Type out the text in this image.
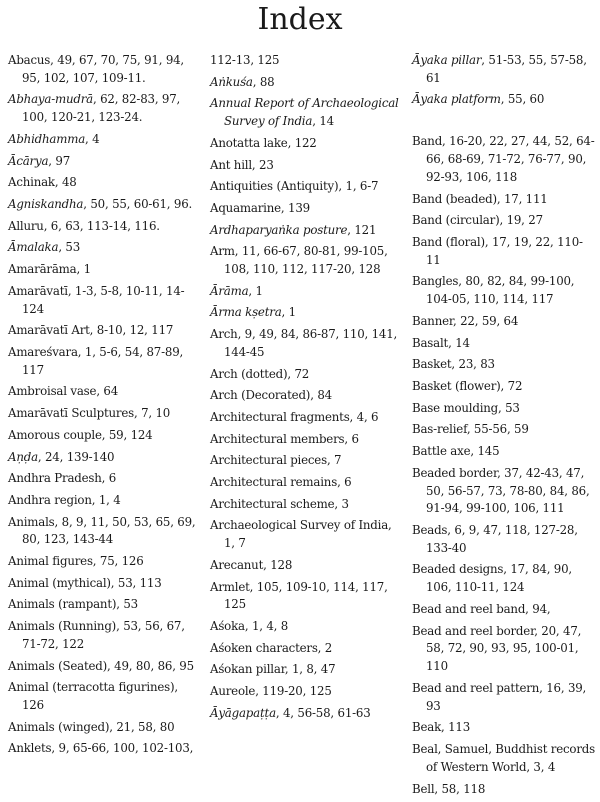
Index
Abacus, 49, 67, 70, 75, 91, 94, 95, 102, 107, 109-11.
Abhaya-mudrā, 62, 82-83, 97, 100, 120-21, 123-24.
Abhidhamma, 4
Ācārya, 97
Achinak, 48
Agniskandha, 50, 55, 60-61, 96.
Alluru, 6, 63, 113-14, 116.
Āmalaka, 53
Amarārāma, 1
Amarāvatī, 1-3, 5-8, 10-11, 14-124
Amarāvatī Art, 8-10, 12, 117
Amareśvara, 1, 5-6, 54, 87-89, 117
Ambroisal vase, 64
Amarāvatī Sculptures, 7, 10
Amorous couple, 59, 124
Aṇḍa, 24, 139-140
Andhra Pradesh, 6
Andhra region, 1, 4
Animals, 8, 9, 11, 50, 53, 65, 69, 80, 123, 143-44
Animal figures, 75, 126
Animal (mythical), 53, 113
Animals (rampant), 53
Animals (Running), 53, 56, 67, 71-72, 122
Animals (Seated), 49, 80, 86, 95
Animal (terracotta figurines), 126
Animals (winged), 21, 58, 80
Anklets, 9, 65-66, 100, 102-103,
112-13, 125
Aṅkuśa, 88
Annual Report of Archaeological Survey of India, 14
Anotatta lake, 122
Ant hill, 23
Antiquities (Antiquity), 1, 6-7
Aquamarine, 139
Ardhaparyaṅka posture, 121
Arm, 11, 66-67, 80-81, 99-105, 108, 110, 112, 117-20, 128
Ārāma, 1
Ārma kṣetra, 1
Arch, 9, 49, 84, 86-87, 110, 141, 144-45
Arch (dotted), 72
Arch (Decorated), 84
Architectural fragments, 4, 6
Architectural members, 6
Architectural pieces, 7
Architectural remains, 6
Architectural scheme, 3
Archaeological Survey of India, 1, 7
Arecanut, 128
Armlet, 105, 109-10, 114, 117, 125
Aśoka, 1, 4, 8
Aśoken characters, 2
Aśokan pillar, 1, 8, 47
Aureole, 119-20, 125
Āyāgapaṭṭa, 4, 56-58, 61-63
Āyaka pillar, 51-53, 55, 57-58, 61
Āyaka platform, 55, 60
Band, 16-20, 22, 27, 44, 52, 64-66, 68-69, 71-72, 76-77, 90, 92-93, 106, 118
Band (beaded), 17, 111
Band (circular), 19, 27
Band (floral), 17, 19, 22, 110-11
Bangles, 80, 82, 84, 99-100, 104-05, 110, 114, 117
Banner, 22, 59, 64
Basalt, 14
Basket, 23, 83
Basket (flower), 72
Base moulding, 53
Bas-relief, 55-56, 59
Battle axe, 145
Beaded border, 37, 42-43, 47, 50, 56-57, 73, 78-80, 84, 86, 91-94, 99-100, 106, 111
Beads, 6, 9, 47, 118, 127-28, 133-40
Beaded designs, 17, 84, 90, 106, 110-11, 124
Bead and reel band, 94,
Bead and reel border, 20, 47, 58, 72, 90, 93, 95, 100-01, 110
Bead and reel pattern, 16, 39, 93
Beak, 113
Beal, Samuel, Buddhist records of Western World, 3, 4
Bell, 58, 118
